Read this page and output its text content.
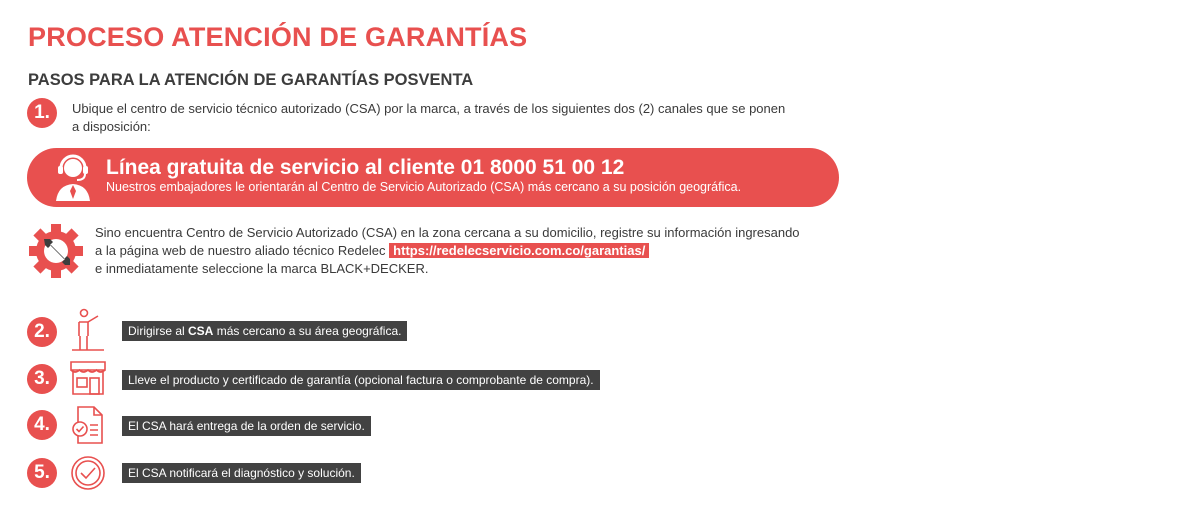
PROCESO ATENCIÓN DE GARANTÍAS
PASOS PARA LA ATENCIÓN DE GARANTÍAS POSVENTA
1.	Ubique el centro de servicio técnico autorizado (CSA) por la marca, a través de los siguientes dos (2) canales que se ponen
a disposición:
Línea gratuita de servicio al cliente 01 8000 51 00 12
Nuestros embajadores le orientarán al Centro de Servicio Autorizado (CSA) más cercano a su posición geográfica.
Sino encuentra Centro de Servicio Autorizado (CSA) en la zona cercana a su domicilio, registre su información ingresando
a la página web de nuestro aliado técnico Redelec https://redelecservicio.com.co/garantias/
e inmediatamente seleccione la marca BLACK+DECKER.
2.	Dirigirse al CSA más cercano a su área geográfica.
3.	Lleve el producto y certificado de garantía (opcional factura o comprobante de compra).
4.	El CSA hará entrega de la orden de servicio.
5.	El CSA notificará el diagnóstico y solución.
